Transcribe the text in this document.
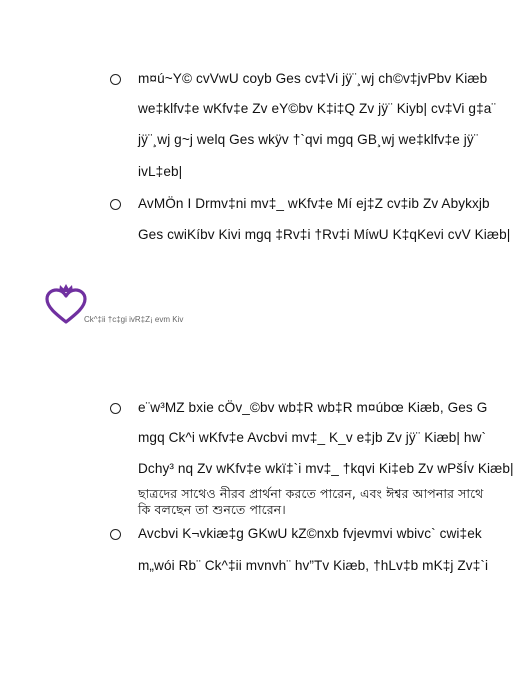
m¤ú~Y© cvVwU coyb Ges cv‡Vi jÿ¨¸wj ch©v‡jvPbv Kiæb
we‡klfv‡e wKfv‡e Zv eY©bv K‡i‡Q Zv jÿ¨ Kiyb| cv‡Vi g‡a¨
jÿ¨¸wj g~j welq Ges wkÿv †`qvi mgq GB¸wj we‡klfv‡e jÿ¨
ivL‡eb|
AvMÖn I Drmv‡ni mv‡_ wKfv‡e Mí ej‡Z cv‡ib Zv Abykxjb
Ges cwiKíbv Kivi mgq ‡Rv‡i †Rv‡i MíwU K‡qKevi cvV Kiæb|
Ck^‡ii †c‡gi ivR‡Z¡ evm Kiv
e¨w³MZ bxie cÖv_©bv wb‡R wb‡R m¤úbœ Kiæb, Ges G
mgq Ck^i wKfv‡e Avcbvi mv‡_ K_v e‡jb Zv jÿ¨ Kiæb| hw`
Dchy³ nq Zv wKfv‡e wkï‡`i mv‡_ †kqvi Ki‡eb Zv wPšÍv Kiæb|
ছাত্রদের সাথেও নীরব প্রার্থনা করতে পারেন, এবং ঈশ্বর আপনার সাথে
কি বলছেন তা শুনতে পারেন।
Avcbvi K¬vkiæ‡g GKwU kZ©nxb fvjevmvi wbivc` cwi‡ek
m„wói Rb¨ Ck^‡ii mvnvh¨ hv”Tv Kiæb, †hLv‡b mK‡j Zv‡`i
